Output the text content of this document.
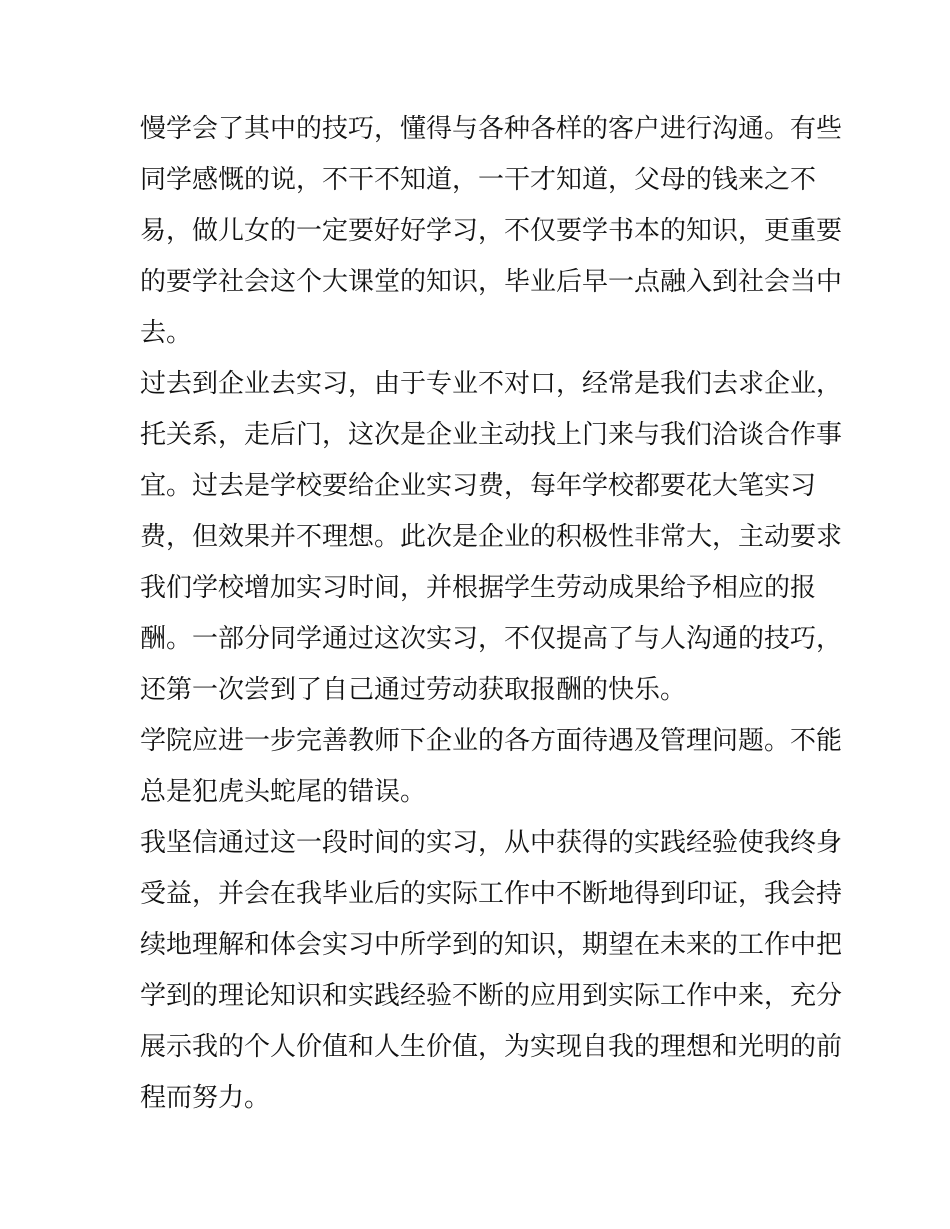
慢学会了其中的技巧，懂得与各种各样的客户进行沟通。有些
同学感慨的说，不干不知道，一干才知道，父母的钱来之不
易，做儿女的一定要好好学习，不仅要学书本的知识，更重要
的要学社会这个大课堂的知识，毕业后早一点融入到社会当中
去。
过去到企业去实习，由于专业不对口，经常是我们去求企业，
托关系，走后门，这次是企业主动找上门来与我们洽谈合作事
宜。过去是学校要给企业实习费，每年学校都要花大笔实习
费，但效果并不理想。此次是企业的积极性非常大，主动要求
我们学校增加实习时间，并根据学生劳动成果给予相应的报
酬。一部分同学通过这次实习，不仅提高了与人沟通的技巧，
还第一次尝到了自己通过劳动获取报酬的快乐。
学院应进一步完善教师下企业的各方面待遇及管理问题。不能
总是犯虎头蛇尾的错误。
我坚信通过这一段时间的实习，从中获得的实践经验使我终身
受益，并会在我毕业后的实际工作中不断地得到印证，我会持
续地理解和体会实习中所学到的知识，期望在未来的工作中把
学到的理论知识和实践经验不断的应用到实际工作中来，充分
展示我的个人价值和人生价值，为实现自我的理想和光明的前
程而努力。
